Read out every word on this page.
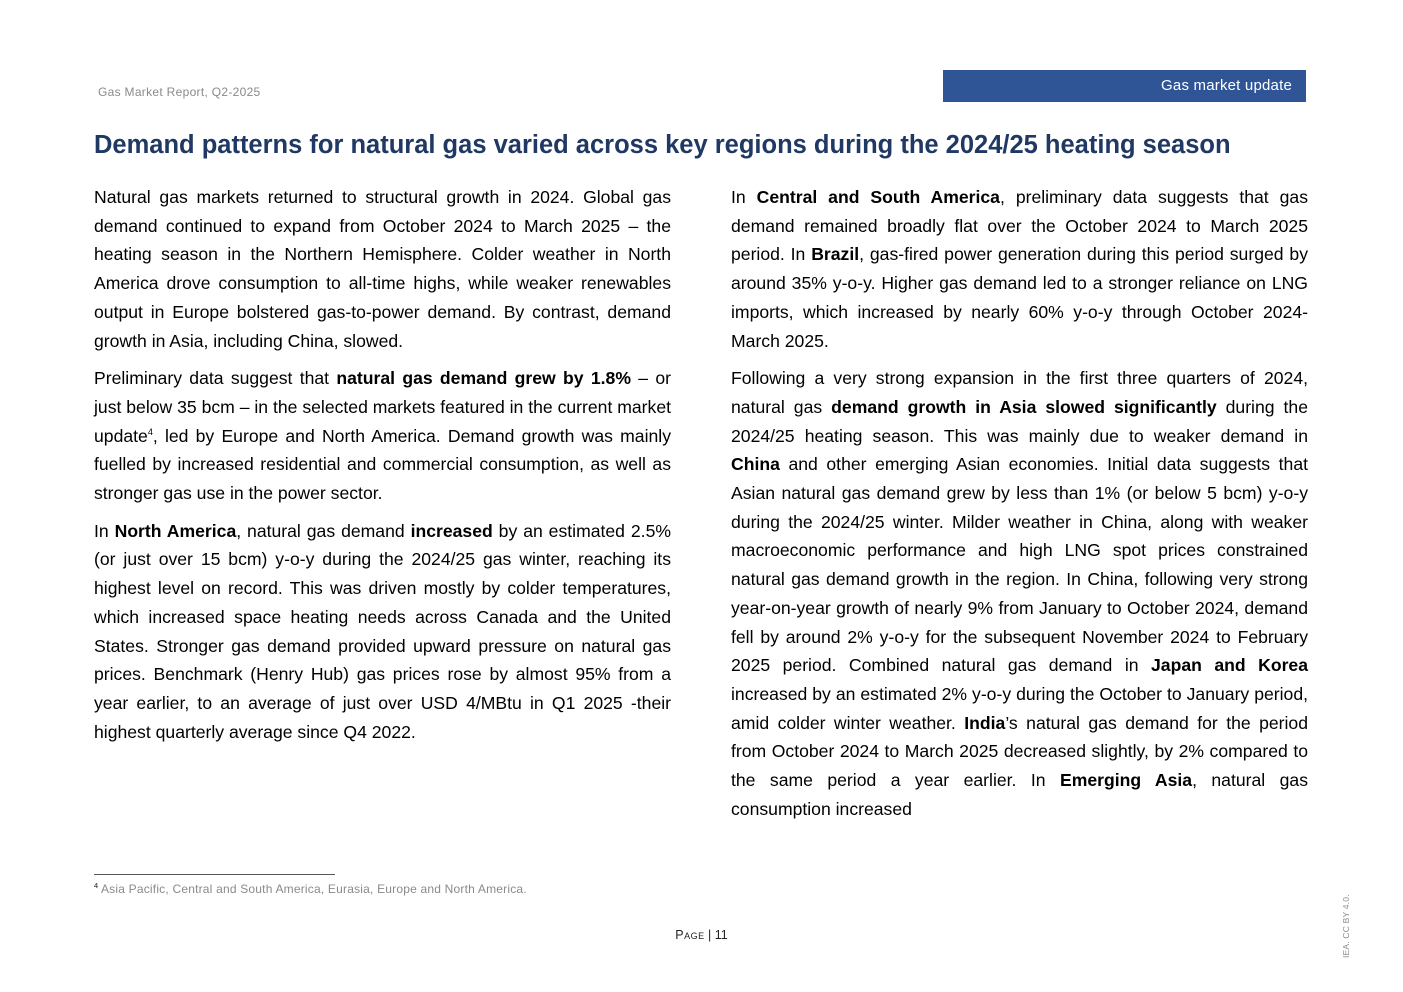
Gas Market Report, Q2-2025	Gas market update
Demand patterns for natural gas varied across key regions during the 2024/25 heating season

Natural gas markets returned to structural growth in 2024. Global gas demand continued to expand from October 2024 to March 2025 – the heating season in the Northern Hemisphere. Colder weather in North America drove consumption to all-time highs, while weaker renewables output in Europe bolstered gas-to-power demand. By contrast, demand growth in Asia, including China, slowed.

Preliminary data suggest that natural gas demand grew by 1.8% – or just below 35 bcm – in the selected markets featured in the current market update$^4$, led by Europe and North America. Demand growth was mainly fuelled by increased residential and commercial consumption, as well as stronger gas use in the power sector.

In North America, natural gas demand increased by an estimated 2.5% (or just over 15 bcm) y-o-y during the 2024/25 gas winter, reaching its highest level on record. This was driven mostly by colder temperatures, which increased space heating needs across Canada and the United States. Stronger gas demand provided upward pressure on natural gas prices. Benchmark (Henry Hub) gas prices rose by almost 95% from a year earlier, to an average of just over USD 4/MBtu in Q1 2025 -their highest quarterly average since Q4 2022.

In Central and South America, preliminary data suggests that gas demand remained broadly flat over the October 2024 to March 2025 period. In Brazil, gas-fired power generation during this period surged by around 35% y-o-y. Higher gas demand led to a stronger reliance on LNG imports, which increased by nearly 60% y-o-y through October 2024-March 2025.

Following a very strong expansion in the first three quarters of 2024, natural gas demand growth in Asia slowed significantly during the 2024/25 heating season. This was mainly due to weaker demand in China and other emerging Asian economies. Initial data suggests that Asian natural gas demand grew by less than 1% (or below 5 bcm) y-o-y during the 2024/25 winter. Milder weather in China, along with weaker macroeconomic performance and high LNG spot prices constrained natural gas demand growth in the region. In China, following very strong year-on-year growth of nearly 9% from January to October 2024, demand fell by around 2% y-o-y for the subsequent November 2024 to February 2025 period. Combined natural gas demand in Japan and Korea increased by an estimated 2% y-o-y during the October to January period, amid colder winter weather. India’s natural gas demand for the period from October 2024 to March 2025 decreased slightly, by 2% compared to the same period a year earlier. In Emerging Asia, natural gas consumption increased

$^4$ Asia Pacific, Central and South America, Eurasia, Europe and North America.
Page | 11	IEA. CC BY 4.0.
